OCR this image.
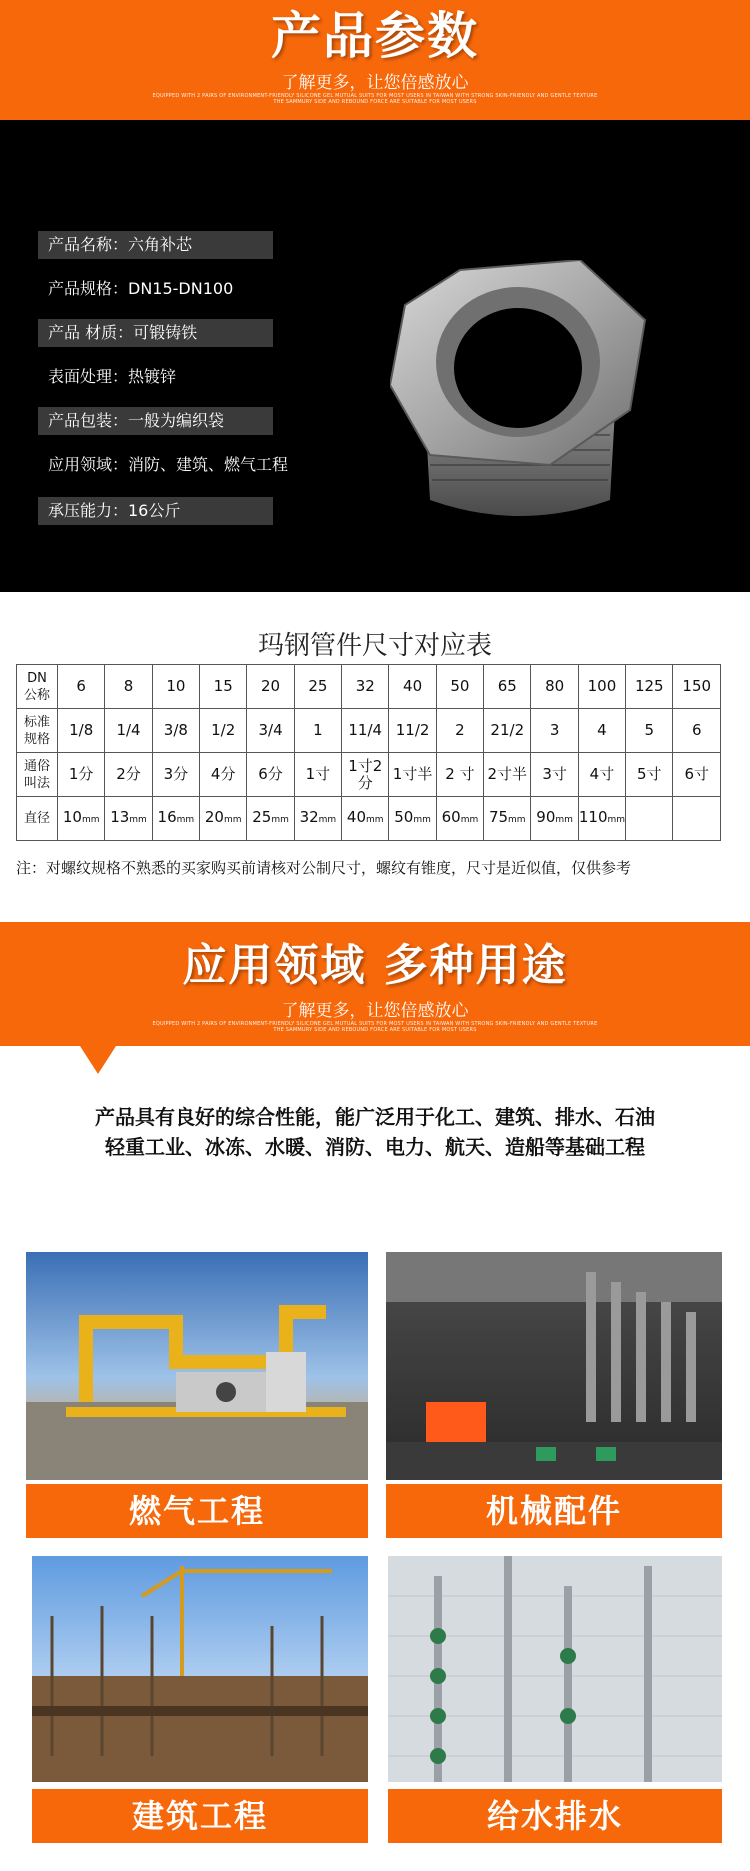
产品参数
了解更多，让您倍感放心
EQUIPPED WITH 2 PAIRS OF ENVIRONMENT-FRIENDLY SILICONE GEL MUTUAL SUITS FOR MOST USERS IN TAIWAN WITH STRONG SKIN-FRIENDLY AND GENTLE TEXTURE
THE SAMMURY SIDE AND REBOUND FORCE ARE SUITABLE FOR MOST USERS
产品名称：六角补芯
产品规格：DN15-DN100
产品 材质：可锻铸铁
表面处理：热镀锌
产品包装：一般为编织袋
应用领域：消防、建筑、燃气工程
承压能力：16公斤
玛钢管件尺寸对应表
DN
公称	6	8	10	15	20	25	32	40	50	65	80	100	125	150
标准
规格	1/8	1/4	3/8	1/2	3/4	1	11/4	11/2	2	21/2	3	4	5	6
通俗
叫法	1分	2分	3分	4分	6分	1寸	1寸2分	1寸半	2 寸	2寸半	3寸	4寸	5寸	6寸
直径	10mm	13mm	16mm	20mm	25mm	32mm	40mm	50mm	60mm	75mm	90mm	110mm		
注：对螺纹规格不熟悉的买家购买前请核对公制尺寸，螺纹有锥度，尺寸是近似值，仅供参考
应用领域 多种用途
了解更多，让您倍感放心
EQUIPPED WITH 2 PAIRS OF ENVIRONMENT-FRIENDLY SILICONE GEL MUTUAL SUITS FOR MOST USERS IN TAIWAN WITH STRONG SKIN-FRIENDLY AND GENTLE TEXTURE
THE SAMMURY SIDE AND REBOUND FORCE ARE SUITABLE FOR MOST USERS
产品具有良好的综合性能，能广泛用于化工、建筑、排水、石油
轻重工业、冰冻、水暖、消防、电力、航天、造船等基础工程
燃气工程	机械配件
建筑工程	给水排水
